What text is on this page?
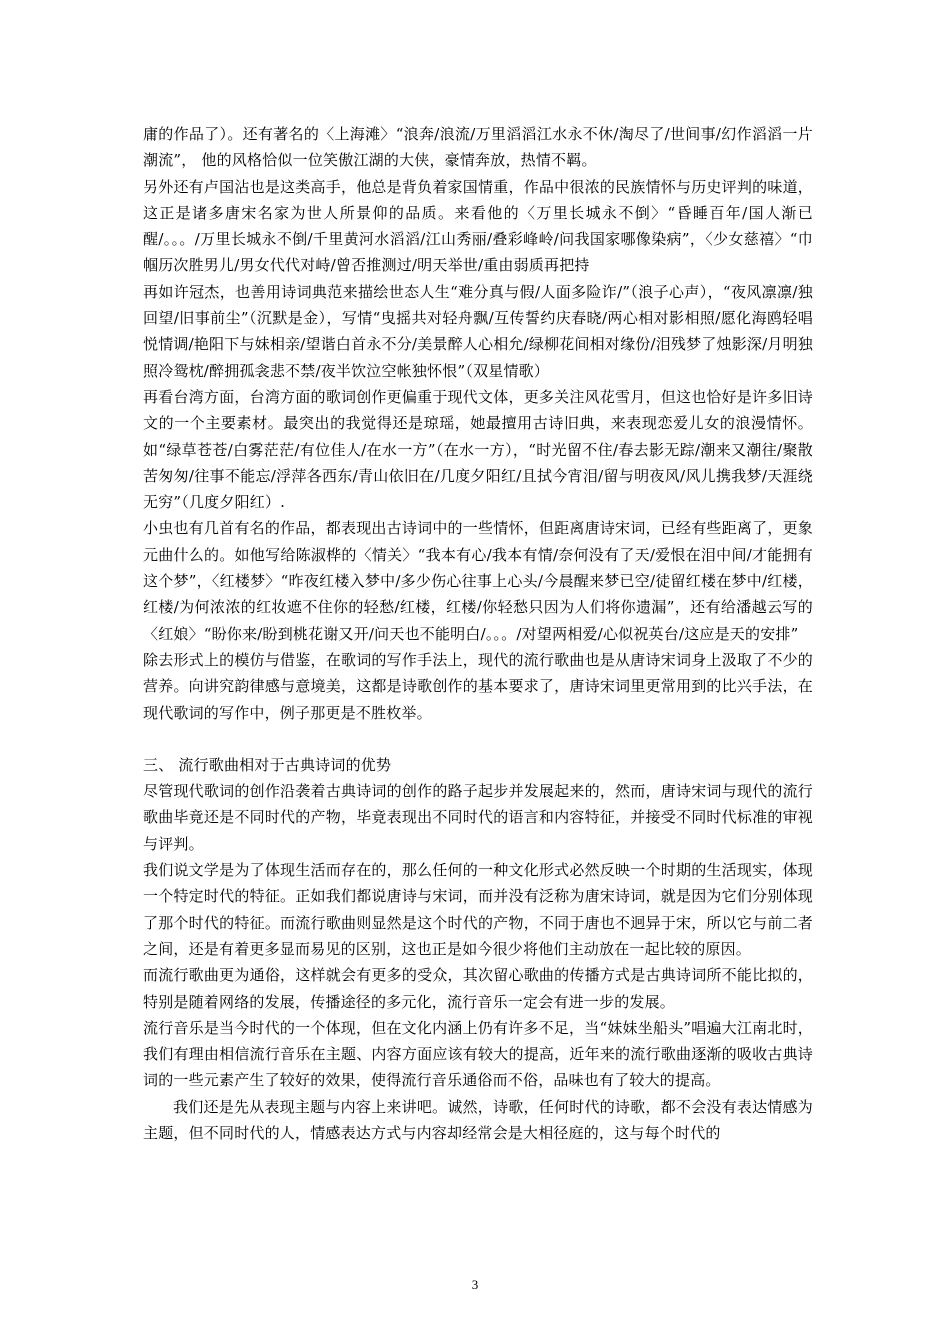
庸的作品了）。还有著名的〈上海滩〉“浪奔/浪流/万里滔滔江水永不休/淘尽了/世间事/幻作滔滔一片潮流”， 他的风格恰似一位笑傲江湖的大侠，豪情奔放，热情不羁。

另外还有卢国沾也是这类高手，他总是背负着家国情重，作品中很浓的民族情怀与历史评判的味道，这正是诸多唐宋名家为世人所景仰的品质。来看他的〈万里长城永不倒〉“昏睡百年/国人渐已醒/。。。/万里长城永不倒/千里黄河水滔滔/江山秀丽/叠彩峰岭/问我国家哪像染病”，〈少女慈禧〉“巾帼历次胜男儿/男女代代对峙/曾否推测过/明天举世/重由弱质再把持

再如许冠杰，也善用诗词典范来描绘世态人生“难分真与假/人面多险诈/”（浪子心声），“夜风凛凛/独回望/旧事前尘”（沉默是金），写情“曳摇共对轻舟飘/互传誓约庆春晓/两心相对影相照/愿化海鸥轻唱悦情调/艳阳下与妹相亲/望谐白首永不分/美景醉人心相允/绿柳花间相对缘份/泪残梦了烛影深/月明独照冷鸳枕/醉拥孤衾悲不禁/夜半饮泣空帐独怀恨”（双星情歌）

再看台湾方面，台湾方面的歌词创作更偏重于现代文体，更多关注风花雪月，但这也恰好是许多旧诗文的一个主要素材。最突出的我觉得还是琼瑶，她最擅用古诗旧典，来表现恋爱儿女的浪漫情怀。如“绿草苍苍/白雾茫茫/有位佳人/在水一方”（在水一方），“时光留不住/春去影无踪/潮来又潮往/聚散苦匆匆/往事不能忘/浮萍各西东/青山依旧在/几度夕阳红/且拭今宵泪/留与明夜风/风儿携我梦/天涯绕无穷”（几度夕阳红）.

小虫也有几首有名的作品，都表现出古诗词中的一些情怀，但距离唐诗宋词，已经有些距离了，更象元曲什么的。如他写给陈淑桦的〈情关〉“我本有心/我本有情/奈何没有了天/爱恨在泪中间/才能拥有这个梦”，〈红楼梦〉“昨夜红楼入梦中/多少伤心往事上心头/今晨醒来梦已空/徒留红楼在梦中/红楼，红楼/为何浓浓的红妆遮不住你的轻愁/红楼，红楼/你轻愁只因为人们将你遗漏”，还有给潘越云写的〈红娘〉“盼你来/盼到桃花谢又开/问天也不能明白/。。。/对望两相爱/心似祝英台/这应是天的安排”

除去形式上的模仿与借鉴，在歌词的写作手法上，现代的流行歌曲也是从唐诗宋词身上汲取了不少的营养。向讲究韵律感与意境美，这都是诗歌创作的基本要求了，唐诗宋词里更常用到的比兴手法，在现代歌词的写作中，例子那更是不胜枚举。

三、 流行歌曲相对于古典诗词的优势

尽管现代歌词的创作沿袭着古典诗词的创作的路子起步并发展起来的，然而，唐诗宋词与现代的流行歌曲毕竟还是不同时代的产物，毕竟表现出不同时代的语言和内容特征，并接受不同时代标准的审视与评判。

我们说文学是为了体现生活而存在的，那么任何的一种文化形式必然反映一个时期的生活现实，体现一个特定时代的特征。正如我们都说唐诗与宋词，而并没有泛称为唐宋诗词，就是因为它们分别体现了那个时代的特征。而流行歌曲则显然是这个时代的产物，不同于唐也不迥异于宋，所以它与前二者之间，还是有着更多显而易见的区别，这也正是如今很少将他们主动放在一起比较的原因。

而流行歌曲更为通俗，这样就会有更多的受众，其次留心歌曲的传播方式是古典诗词所不能比拟的，特别是随着网络的发展，传播途径的多元化，流行音乐一定会有进一步的发展。

流行音乐是当今时代的一个体现，但在文化内涵上仍有许多不足，当“妹妹坐船头”唱遍大江南北时，我们有理由相信流行音乐在主题、内容方面应该有较大的提高，近年来的流行歌曲逐渐的吸收古典诗词的一些元素产生了较好的效果，使得流行音乐通俗而不俗，品味也有了较大的提高。

我们还是先从表现主题与内容上来讲吧。诚然，诗歌，任何时代的诗歌，都不会没有表达情感为主题，但不同时代的人，情感表达方式与内容却经常会是大相径庭的，这与每个时代的

3
